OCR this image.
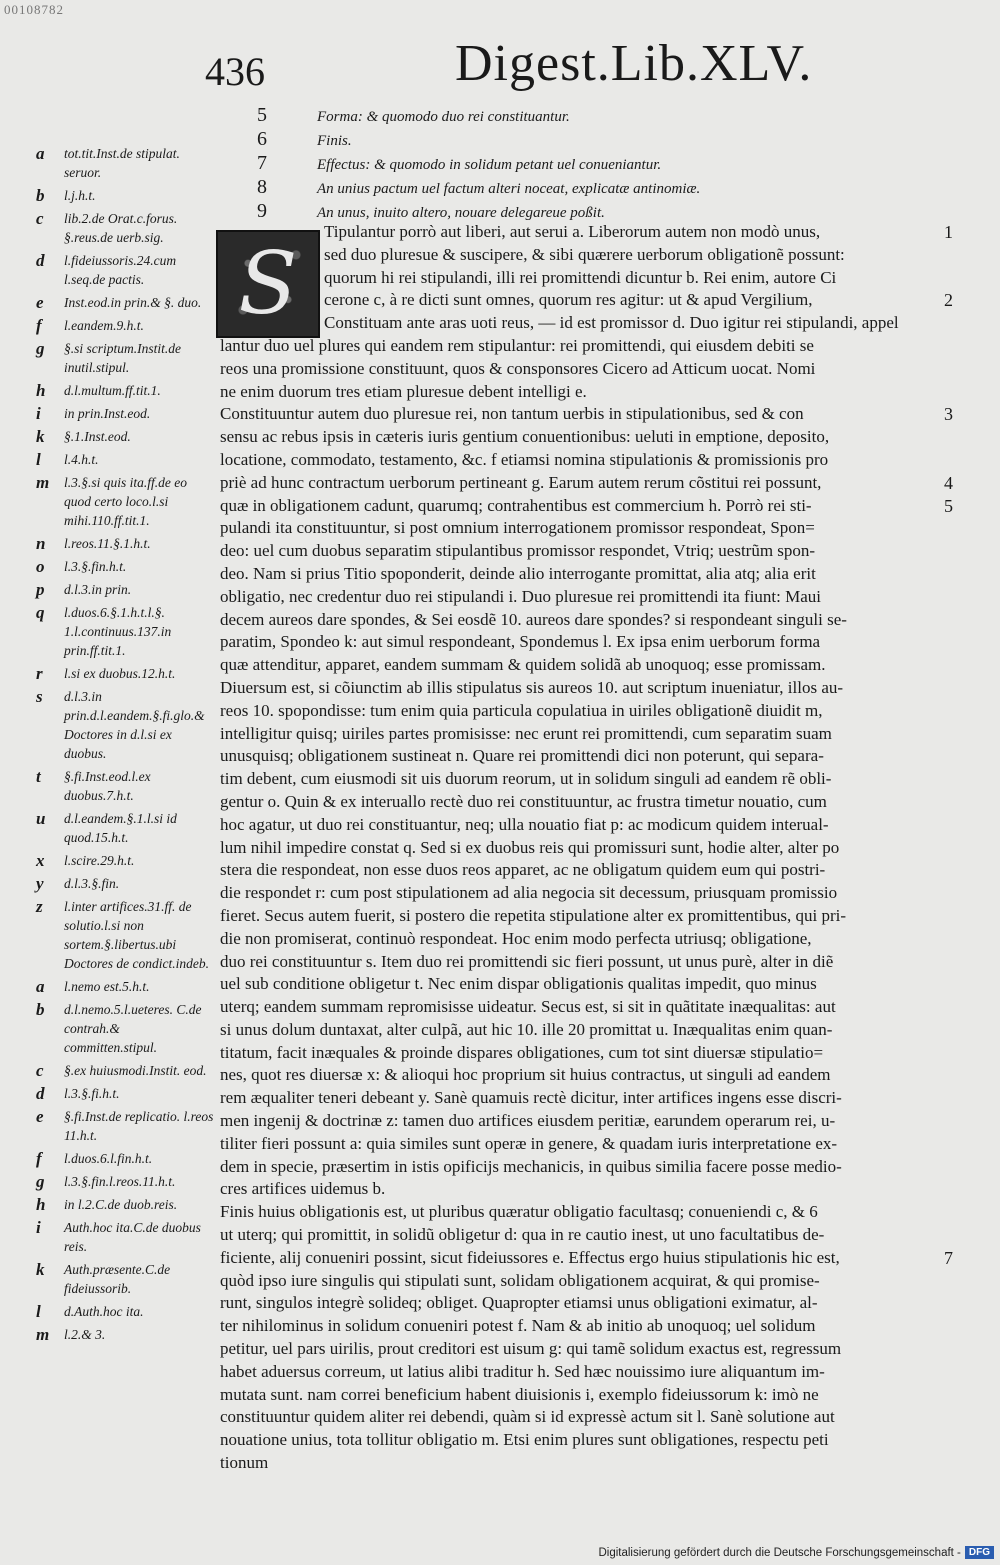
00108782
436	Digest.Lib.XLV.
5	Forma: & quomodo duo rei constituantur.
6	Finis.
7	Effectus: & quomodo in solidum petant uel conueniantur.
8	An unius pactum uel factum alteri noceat, explicatæ antinomiæ.
9	An unus, inuito altero, nouare delegareue poßit.
a	tot.tit.Inst.de stipulat. seruor.
b	l.j.h.t.
c	lib.2.de Orat.c.forus. §.reus.de uerb.sig.
d	l.fideiussoris.24.cum l.seq.de pactis.
e	Inst.eod.in prin.& §. duo.
f	l.eandem.9.h.t.
g	§.si scriptum.Instit.de inutil.stipul.
h	d.l.multum.ff.tit.1.
i	in prin.Inst.eod.
k	§.1.Inst.eod.
l	l.4.h.t.
m	l.3.§.si quis ita.ff.de eo quod certo loco.l.si mihi.110.ff.tit.1.
n	l.reos.11.§.1.h.t.
o	l.3.§.fin.h.t.
p	d.l.3.in prin.
q	l.duos.6.§.1.h.t.l.§. 1.l.continuus.137.in prin.ff.tit.1.
r	l.si ex duobus.12.h.t.
s	d.l.3.in prin.d.l.eandem.§.fi.glo.& Doctores in d.l.si ex duobus.
t	§.fi.Inst.eod.l.ex duobus.7.h.t.
u	d.l.eandem.§.1.l.si id quod.15.h.t.
x	l.scire.29.h.t.
y	d.l.3.§.fin.
z	l.inter artifices.31.ff. de solutio.l.si non sortem.§.libertus.ubi Doctores de condict.indeb.
a	l.nemo est.5.h.t.
b	d.l.nemo.5.l.ueteres. C.de contrah.& committen.stipul.
c	§.ex huiusmodi.Instit. eod.
d	l.3.§.fi.h.t.
e	§.fi.Inst.de replicatio. l.reos 11.h.t.
f	l.duos.6.l.fin.h.t.
g	l.3.§.fin.l.reos.11.h.t.
h	in l.2.C.de duob.reis.
i	Auth.hoc ita.C.de duobus reis.
k	Auth.præsente.C.de fideiussorib.
l	d.Auth.hoc ita.
m	l.2.& 3.
S
Tipulantur porrò aut liberi, aut serui a. Liberorum autem non modò unus,
sed duo pluresue & suscipere, & sibi quærere uerborum obligationẽ possunt:
quorum hi rei stipulandi, illi rei promittendi dicuntur b. Rei enim, autore Ci
cerone c, à re dicti sunt omnes, quorum res agitur: ut & apud Vergilium,
Constituam ante aras uoti reus, — id est promissor d. Duo igitur rei stipulandi, appel
lantur duo uel plures qui eandem rem stipulantur: rei promittendi, qui eiusdem debiti se
reos una promissione constituunt, quos & consponsores Cicero ad Atticum uocat. Nomi
ne enim duorum tres etiam pluresue debent intelligi e.
Constituuntur autem duo pluresue rei, non tantum uerbis in stipulationibus, sed & con
sensu ac rebus ipsis in cæteris iuris gentium conuentionibus: ueluti in emptione, deposito,
locatione, commodato, testamento, &c. f etiamsi nomina stipulationis & promissionis pro
priè ad hunc contractum uerborum pertineant g. Earum autem rerum cõstitui rei possunt,
quæ in obligationem cadunt, quarumq; contrahentibus est commercium h. Porrò rei sti-
pulandi ita constituuntur, si post omnium interrogationem promissor respondeat, Spon=
deo: uel cum duobus separatim stipulantibus promissor respondet, Vtriq; uestrũm spon-
deo. Nam si prius Titio spoponderit, deinde alio interrogante promittat, alia atq; alia erit
obligatio, nec credentur duo rei stipulandi i. Duo pluresue rei promittendi ita fiunt: Maui
decem aureos dare spondes, & Sei eosdẽ 10. aureos dare spondes? si respondeant singuli se-
paratim, Spondeo k: aut simul respondeant, Spondemus l. Ex ipsa enim uerborum forma
quæ attenditur, apparet, eandem summam & quidem solidã ab unoquoq; esse promissam.
Diuersum est, si cõiunctim ab illis stipulatus sis aureos 10. aut scriptum inueniatur, illos au-
reos 10. spopondisse: tum enim quia particula copulatiua in uiriles obligationẽ diuidit m,
intelligitur quisq; uiriles partes promisisse: nec erunt rei promittendi, cum separatim suam
unusquisq; obligationem sustineat n. Quare rei promittendi dici non poterunt, qui separa-
tim debent, cum eiusmodi sit uis duorum reorum, ut in solidum singuli ad eandem rẽ obli-
gentur o. Quin & ex interuallo rectè duo rei constituuntur, ac frustra timetur nouatio, cum
hoc agatur, ut duo rei constituantur, neq; ulla nouatio fiat p: ac modicum quidem interual-
lum nihil impedire constat q. Sed si ex duobus reis qui promissuri sunt, hodie alter, alter po
stera die respondeat, non esse duos reos apparet, ac ne obligatum quidem eum qui postri-
die respondet r: cum post stipulationem ad alia negocia sit decessum, priusquam promissio
fieret. Secus autem fuerit, si postero die repetita stipulatione alter ex promittentibus, qui pri-
die non promiserat, continuò respondeat. Hoc enim modo perfecta utriusq; obligatione,
duo rei constituuntur s. Item duo rei promittendi sic fieri possunt, ut unus purè, alter in diẽ
uel sub conditione obligetur t. Nec enim dispar obligationis qualitas impedit, quo minus
uterq; eandem summam repromisisse uideatur. Secus est, si sit in quãtitate inæqualitas: aut
si unus dolum duntaxat, alter culpã, aut hic 10. ille 20 promittat u. Inæqualitas enim quan-
titatum, facit inæquales & proinde dispares obligationes, cum tot sint diuersæ stipulatio=
nes, quot res diuersæ x: & alioqui hoc proprium sit huius contractus, ut singuli ad eandem
rem æqualiter teneri debeant y. Sanè quamuis rectè dicitur, inter artifices ingens esse discri-
men ingenij & doctrinæ z: tamen duo artifices eiusdem peritiæ, earundem operarum rei, u-
tiliter fieri possunt a: quia similes sunt operæ in genere, & quadam iuris interpretatione ex-
dem in specie, præsertim in istis opificijs mechanicis, in quibus similia facere posse medio-
cres artifices uidemus b.
Finis huius obligationis est, ut pluribus quæratur obligatio facultasq; conueniendi c, & 6
ut uterq; qui promittit, in solidũ obligetur d: qua in re cautio inest, ut uno facultatibus de-
ficiente, alij conueniri possint, sicut fideiussores e. Effectus ergo huius stipulationis hic est,
quòd ipso iure singulis qui stipulati sunt, solidam obligationem acquirat, & qui promise-
runt, singulos integrè solideq; obliget. Quapropter etiamsi unus obligationi eximatur, al-
ter nihilominus in solidum conueniri potest f. Nam & ab initio ab unoquoq; uel solidum
petitur, uel pars uirilis, prout creditori est uisum g: qui tamẽ solidum exactus est, regressum
habet aduersus correum, ut latius alibi traditur h. Sed hæc nouissimo iure aliquantum im-
mutata sunt. nam correi beneficium habent diuisionis i, exemplo fideiussorum k: imò ne
constituuntur quidem aliter rei debendi, quàm si id expressè actum sit l. Sanè solutione aut
nouatione unius, tota tollitur obligatio m. Etsi enim plures sunt obligationes, respectu peti
tionum
1
2
3
4
5
7
Digitalisierung gefördert durch die Deutsche Forschungsgemeinschaft - DFG
